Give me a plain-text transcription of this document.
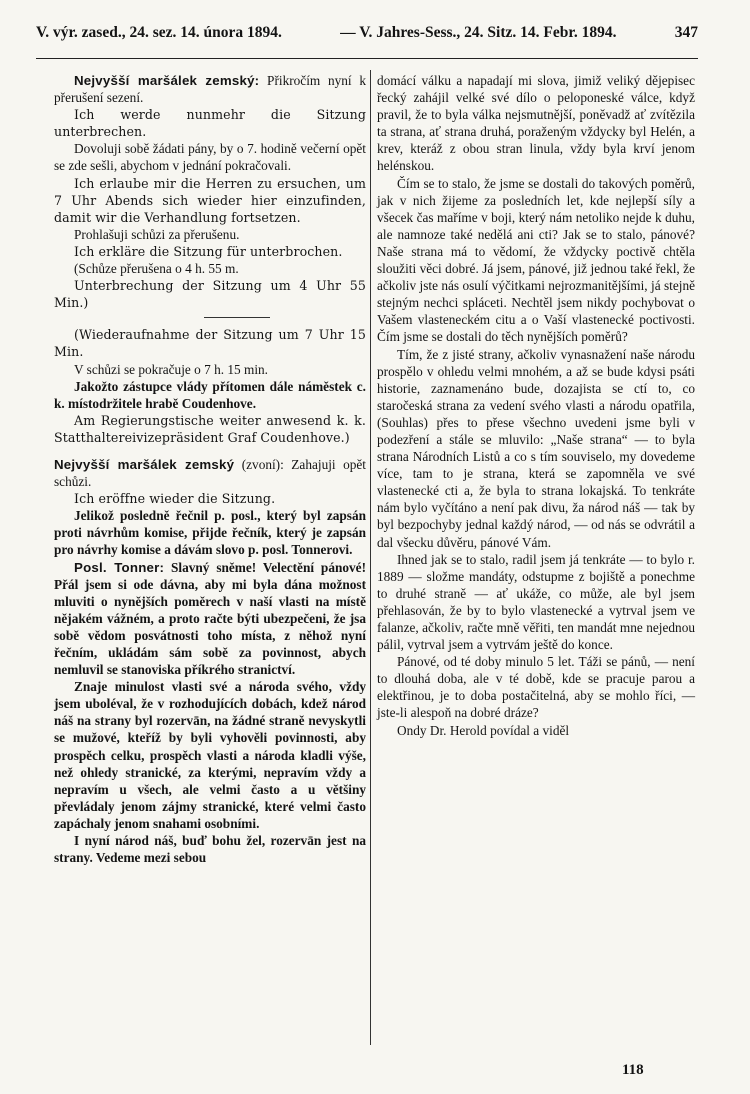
V. výr. zased., 24. sez. 14. února 1894.	— V. Jahres-Sess., 24. Sitz. 14. Febr. 1894.	347

Nejvyšší maršálek zemský: Přikročím nyní k přerušení sezení.

Ich werde nunmehr die Sitzung unterbrechen.

Dovoluji sobě žádati pány, by o 7. hodině večerní opět se zde sešli, abychom v jednání pokračovali.

Ich erlaube mir die Herren zu ersuchen, um 7 Uhr Abends sich wieder hier einzufinden, damit wir die Verhandlung fortsetzen.

Prohlašuji schůzi za přerušenu.

Ich erkläre die Sitzung für unterbrochen.

(Schůze přerušena o 4 h. 55 m.

Unterbrechung der Sitzung um 4 Uhr 55 Min.)

(Wiederaufnahme der Sitzung um 7 Uhr 15 Min.

V schůzi se pokračuje o 7 h. 15 min.

Jakožto zástupce vlády přítomen dále náměstek c. k. místodržitele hrabě Coudenhove.

Am Regierungstische weiter anwesend k. k. Statthaltereivizepräsident Graf Coudenhove.)

Nejvyšší maršálek zemský (zvoní): Zahajuji opět schůzi.

Ich eröffne wieder die Sitzung.

Jelikož posledně řečnil p. posl., který byl zapsán proti návrhům komise, přijde řečník, který je zapsán pro návrhy komise a dávám slovo p. posl. Tonnerovi.

Posl. Tonner: Slavný sněme! Velectění pánové! Přál jsem si ode dávna, aby mi byla dána možnost mluviti o nynějších poměrech v naší vlasti na místě nějakém vážném, a proto račte býti ubezpečeni, že jsa sobě vědom posvátnosti toho místa, z něhož nyní řečním, ukládám sám sobě za povinnost, abych nemluvil se stanoviska příkrého stranictví.

Znaje minulost vlasti své a národa svého, vždy jsem uboléval, že v rozhodujících dobách, kdež národ náš na strany byl rozervān, na žádné straně nevyskytli se mužové, kteříž by byli vyhověli povinnosti, aby prospěch celku, prospěch vlasti a národa kladli výše, než ohledy stranické, za kterými, nepravím vždy a nepravím u všech, ale velmi často a u většiny převládaly jenom zájmy stranické, které velmi často zapáchaly jenom snahami osobními.

I nyní národ náš, buď bohu žel, rozervān jest na strany. Vedeme mezi sebou

domácí válku a napadají mi slova, jimiž veliký dějepisec řecký zahájil velké své dílo o peloponeské válce, když pravil, že to byla válka nejsmutnější, poněvadž ať zvítězila ta strana, ať strana druhá, poraženým vždycky byl Helén, a krev, kteráž z obou stran linula, vždy byla krví jenom helénskou.

Čím se to stalo, že jsme se dostali do takových poměrů, jak v nich žijeme za posledních let, kde nejlepší síly a všecek čas maříme v boji, který nám netoliko nejde k duhu, ale namnoze také nedělá ani cti? Jak se to stalo, pánové? Naše strana má to vědomí, že vždycky poctivě chtěla sloužiti věci dobré. Já jsem, pánové, již jednou také řekl, že ačkoliv jste nás osulí výčitkami nejrozmanitějšími, já stejně stejným nechci spláceti. Nechtěl jsem nikdy pochybovat o Vašem vlasteneckém citu a o Vaší vlastenecké poctivosti. Čím jsme se dostali do těch nynějších poměrů?

Tím, že z jisté strany, ačkoliv vynasnažení naše národu prospělo v ohledu velmi mnohém, a až se bude kdysi psáti historie, zaznamenáno bude, dozajista se ctí to, co staročeská strana za vedení svého vlasti a národu opatřila, (Souhlas) přes to přese všechno uvedeni jsme byli v podezření a stále se mluvilo: „Naše strana“ — to byla strana Národních Listů a co s tím souviselo, my dovedeme více, tam to je strana, která se zapomněla ve své vlastenecké cti a, že byla to strana lokajská. To tenkráte nám bylo vyčítáno a není pak divu, ža národ náš — tak by byl bezpochyby jednal každý národ, — od nás se odvrátil a dal všecku důvěru, pánové Vám.

Ihned jak se to stalo, radil jsem já tenkráte — to bylo r. 1889 — složme mandáty, odstupme z bojiště a ponechme to druhé straně — ať ukáže, co může, ale byl jsem přehlasován, že by to bylo vlastenecké a vytrval jsem ve falanze, ačkoliv, račte mně věřiti, ten mandát mne nejednou pálil, vytrval jsem a vytrvám ještě do konce.

Pánové, od té doby minulo 5 let. Táži se pánů, — není to dlouhá doba, ale v té době, kde se pracuje parou a elektřinou, je to doba postačitelná, aby se mohlo říci, — jste-li alespoň na dobré dráze?

Ondy Dr. Herold povídal a viděl

118
